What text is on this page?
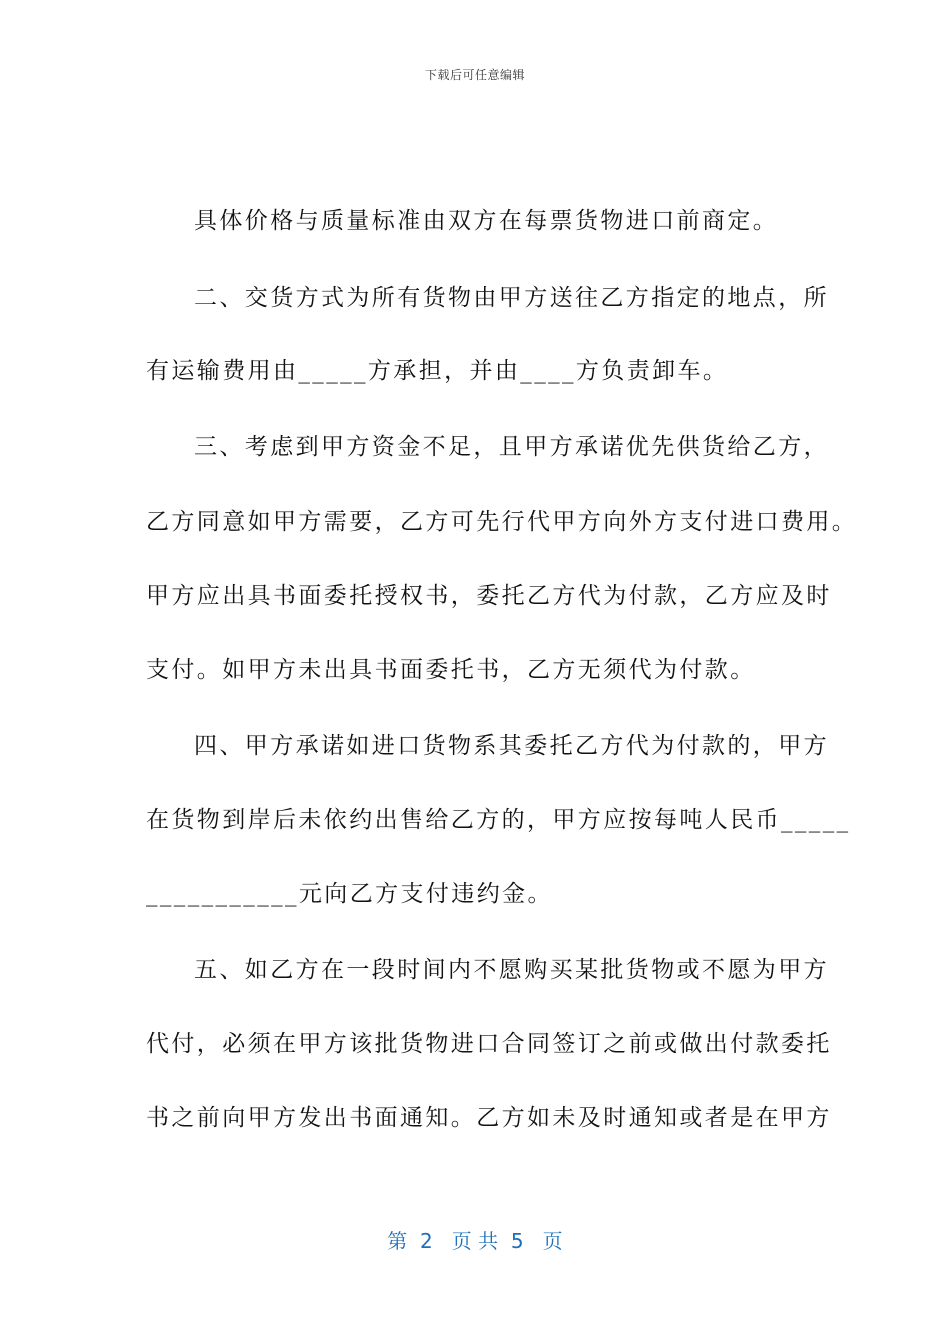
下载后可任意编辑
具体价格与质量标准由双方在每票货物进口前商定。
二、交货方式为所有货物由甲方送往乙方指定的地点，所
有运输费用由_____方承担，并由____方负责卸车。
三、考虑到甲方资金不足，且甲方承诺优先供货给乙方，
乙方同意如甲方需要，乙方可先行代甲方向外方支付进口费用。
甲方应出具书面委托授权书，委托乙方代为付款，乙方应及时
支付。如甲方未出具书面委托书，乙方无须代为付款。
四、甲方承诺如进口货物系其委托乙方代为付款的，甲方
在货物到岸后未依约出售给乙方的，甲方应按每吨人民币_____
___________元向乙方支付违约金。
五、如乙方在一段时间内不愿购买某批货物或不愿为甲方
代付，必须在甲方该批货物进口合同签订之前或做出付款委托
书之前向甲方发出书面通知。乙方如未及时通知或者是在甲方
第  2   页 共  5   页
